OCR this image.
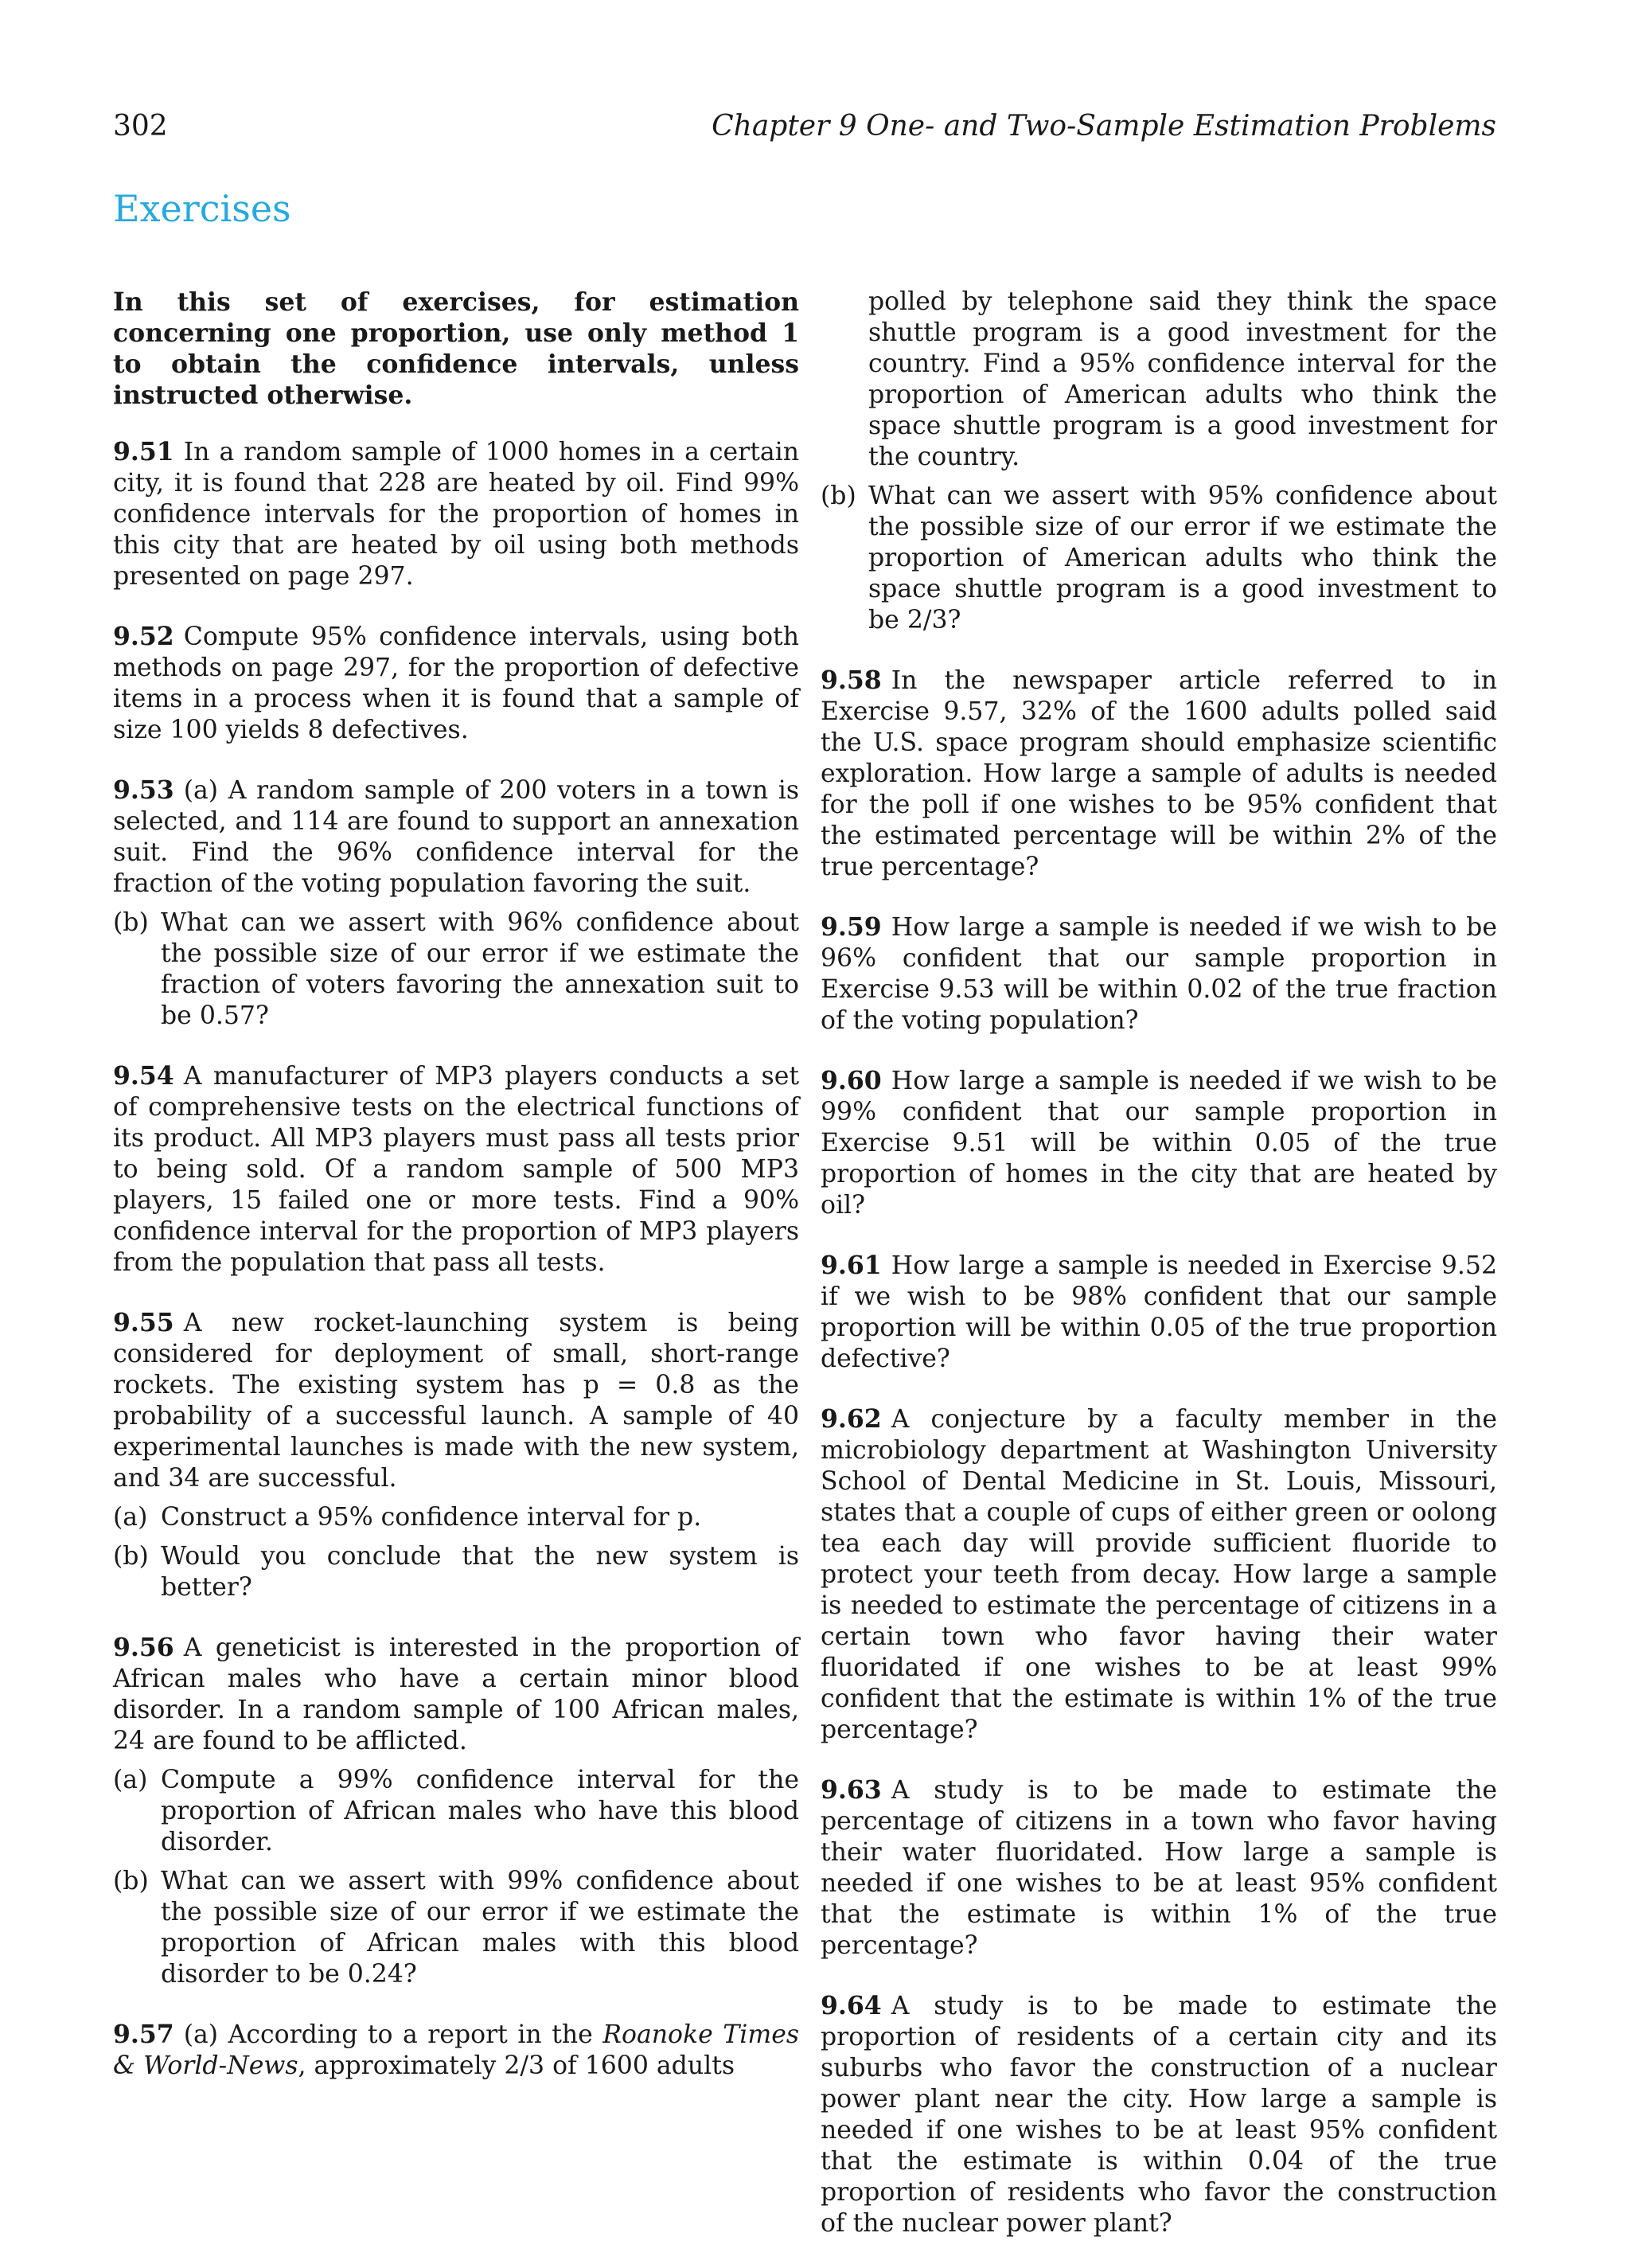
302	Chapter 9 One- and Two-Sample Estimation Problems
Exercises

In this set of exercises, for estimation concerning one proportion, use only method 1 to obtain the confidence intervals, unless instructed otherwise.

9.51 In a random sample of 1000 homes in a certain city, it is found that 228 are heated by oil. Find 99% confidence intervals for the proportion of homes in this city that are heated by oil using both methods presented on page 297.

9.52 Compute 95% confidence intervals, using both methods on page 297, for the proportion of defective items in a process when it is found that a sample of size 100 yields 8 defectives.

9.53 (a) A random sample of 200 voters in a town is selected, and 114 are found to support an annexation suit. Find the 96% confidence interval for the fraction of the voting population favoring the suit.

(b) What can we assert with 96% confidence about the possible size of our error if we estimate the fraction of voters favoring the annexation suit to be 0.57?

9.54 A manufacturer of MP3 players conducts a set of comprehensive tests on the electrical functions of its product. All MP3 players must pass all tests prior to being sold. Of a random sample of 500 MP3 players, 15 failed one or more tests. Find a 90% confidence interval for the proportion of MP3 players from the population that pass all tests.

9.55 A new rocket-launching system is being considered for deployment of small, short-range rockets. The existing system has p = 0.8 as the probability of a successful launch. A sample of 40 experimental launches is made with the new system, and 34 are successful.

(a) Construct a 95% confidence interval for p.
(b) Would you conclude that the new system is better?

9.56 A geneticist is interested in the proportion of African males who have a certain minor blood disorder. In a random sample of 100 African males, 24 are found to be afflicted.

(a) Compute a 99% confidence interval for the proportion of African males who have this blood disorder.
(b) What can we assert with 99% confidence about the possible size of our error if we estimate the proportion of African males with this blood disorder to be 0.24?

9.57 (a) According to a report in the Roanoke Times & World-News, approximately 2/3 of 1600 adults

polled by telephone said they think the space shuttle program is a good investment for the country. Find a 95% confidence interval for the proportion of American adults who think the space shuttle program is a good investment for the country.

(b) What can we assert with 95% confidence about the possible size of our error if we estimate the proportion of American adults who think the space shuttle program is a good investment to be 2/3?

9.58 In the newspaper article referred to in Exercise 9.57, 32% of the 1600 adults polled said the U.S. space program should emphasize scientific exploration. How large a sample of adults is needed for the poll if one wishes to be 95% confident that the estimated percentage will be within 2% of the true percentage?

9.59 How large a sample is needed if we wish to be 96% confident that our sample proportion in Exercise 9.53 will be within 0.02 of the true fraction of the voting population?

9.60 How large a sample is needed if we wish to be 99% confident that our sample proportion in Exercise 9.51 will be within 0.05 of the true proportion of homes in the city that are heated by oil?

9.61 How large a sample is needed in Exercise 9.52 if we wish to be 98% confident that our sample proportion will be within 0.05 of the true proportion defective?

9.62 A conjecture by a faculty member in the microbiology department at Washington University School of Dental Medicine in St. Louis, Missouri, states that a couple of cups of either green or oolong tea each day will provide sufficient fluoride to protect your teeth from decay. How large a sample is needed to estimate the percentage of citizens in a certain town who favor having their water fluoridated if one wishes to be at least 99% confident that the estimate is within 1% of the true percentage?

9.63 A study is to be made to estimate the percentage of citizens in a town who favor having their water fluoridated. How large a sample is needed if one wishes to be at least 95% confident that the estimate is within 1% of the true percentage?

9.64 A study is to be made to estimate the proportion of residents of a certain city and its suburbs who favor the construction of a nuclear power plant near the city. How large a sample is needed if one wishes to be at least 95% confident that the estimate is within 0.04 of the true proportion of residents who favor the construction of the nuclear power plant?
